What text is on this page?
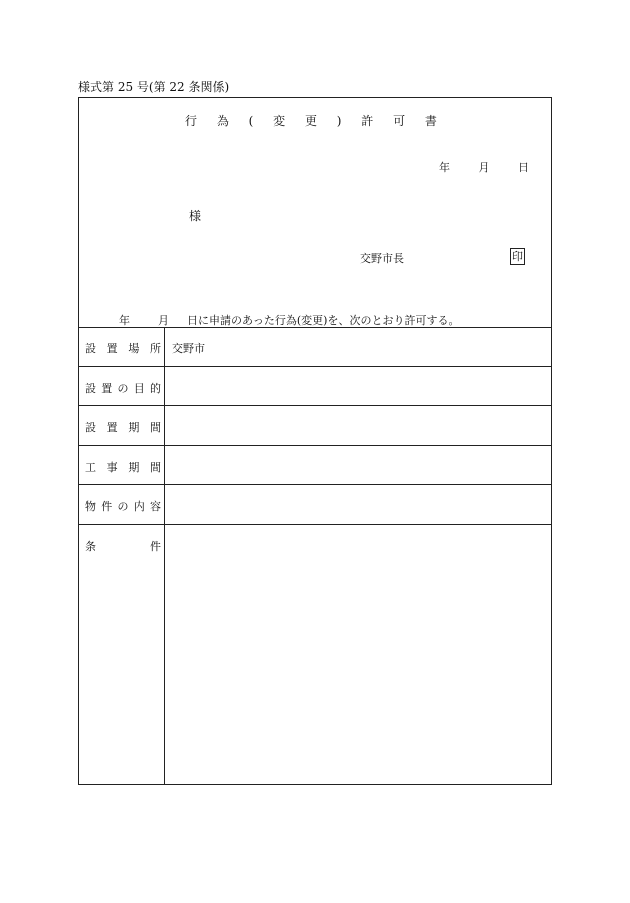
様式第 25 号(第 22 条関係)
行 為 ( 変 更 ) 許 可 書
年	月	日
様
交野市長	印
年	月 日に申請のあった行為(変更)を、次のとおり許可する。
設 置 場 所 交野市
設 置 の 目 的
設 置 期 間
工 事 期 間
物 件 の 内 容
条	件
